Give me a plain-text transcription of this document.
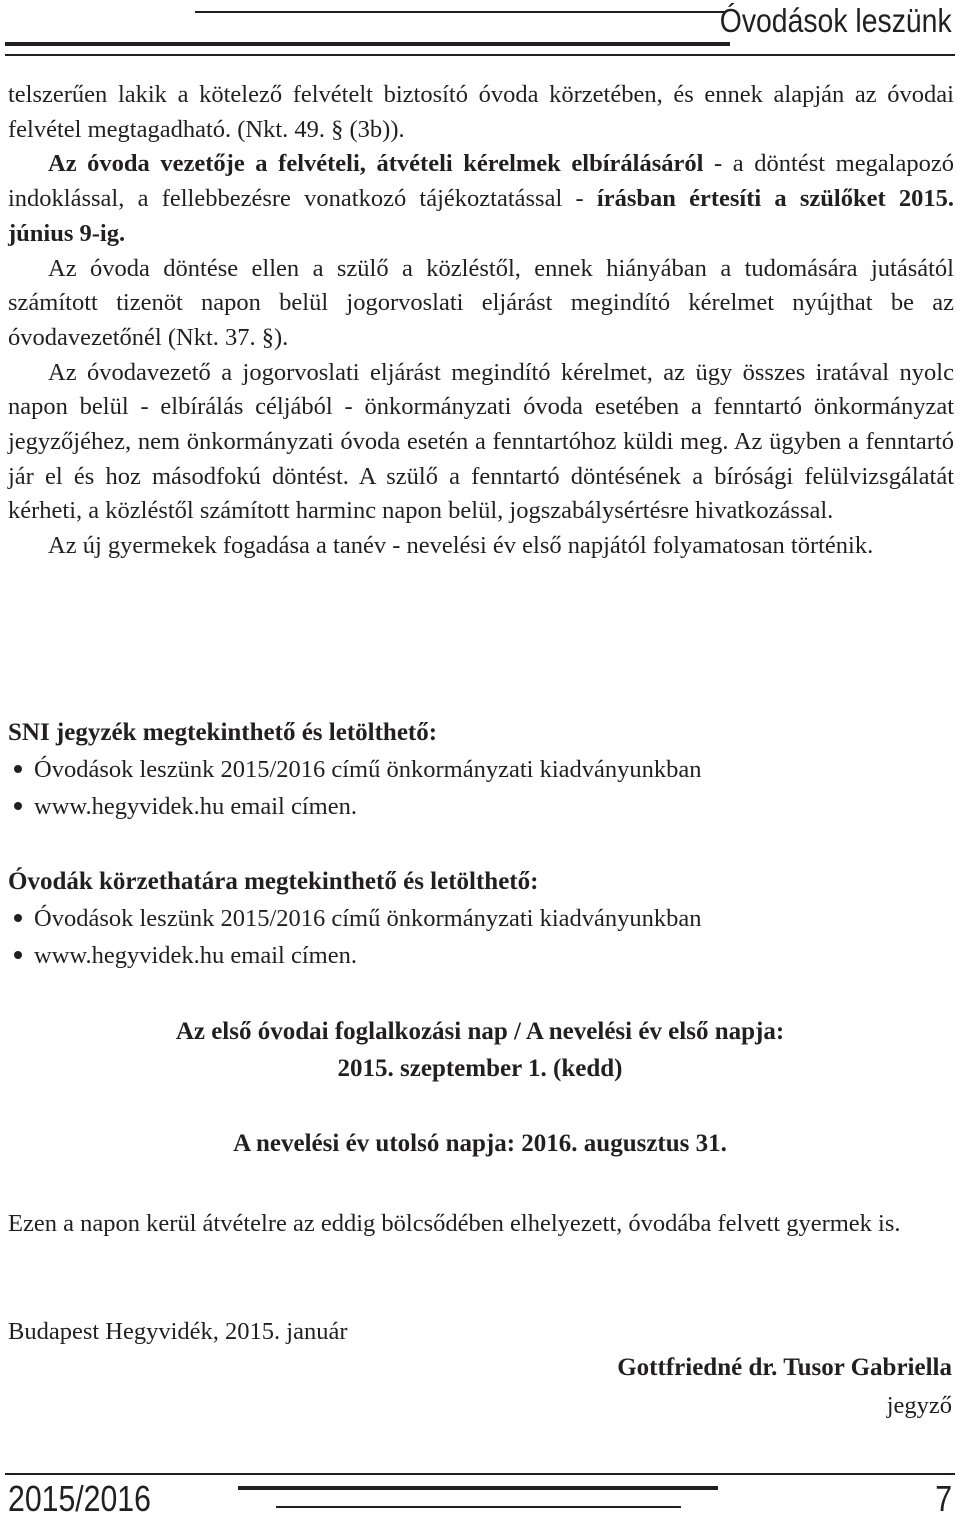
Óvodások leszünk

telszerűen lakik a kötelező felvételt biztosító óvoda körzetében, és ennek alapján az óvodai felvétel megtagadható. (Nkt. 49. § (3b)).

Az óvoda vezetője a felvételi, átvételi kérelmek elbírálásáról - a döntést megalapozó indoklással, a fellebbezésre vonatkozó tájékoztatással - írásban értesíti a szülőket 2015. június 9-ig.

Az óvoda döntése ellen a szülő a közléstől, ennek hiányában a tudomására jutásától számított tizenöt napon belül jogorvoslati eljárást megindító kérelmet nyújthat be az óvodavezetőnél (Nkt. 37. §).

Az óvodavezető a jogorvoslati eljárást megindító kérelmet, az ügy összes iratával nyolc napon belül - elbírálás céljából - önkormányzati óvoda esetében a fenntartó önkormányzat jegyzőjéhez, nem önkormányzati óvoda esetén a fenntartóhoz küldi meg. Az ügyben a fenntartó jár el és hoz másodfokú döntést. A szülő a fenntartó döntésének a bírósági felülvizsgálatát kérheti, a közléstől számított harminc napon belül, jogszabálysértésre hivatkozással.

Az új gyermekek fogadása a tanév - nevelési év első napjától folyamatosan történik.

SNI jegyzék megtekinthető és letölthető:
Óvodások leszünk 2015/2016 című önkormányzati kiadványunkban
www.hegyvidek.hu email címen.
Óvodák körzethatára megtekinthető és letölthető:
Óvodások leszünk 2015/2016 című önkormányzati kiadványunkban
www.hegyvidek.hu email címen.
Az első óvodai foglalkozási nap / A nevelési év első napja:
2015. szeptember 1. (kedd)
A nevelési év utolsó napja: 2016. augusztus 31.
Ezen a napon kerül átvételre az eddig bölcsődében elhelyezett, óvodába felvett gyermek is.
Budapest Hegyvidék, 2015. január
Gottfriedné dr. Tusor Gabriella
jegyző
2015/2016	7
